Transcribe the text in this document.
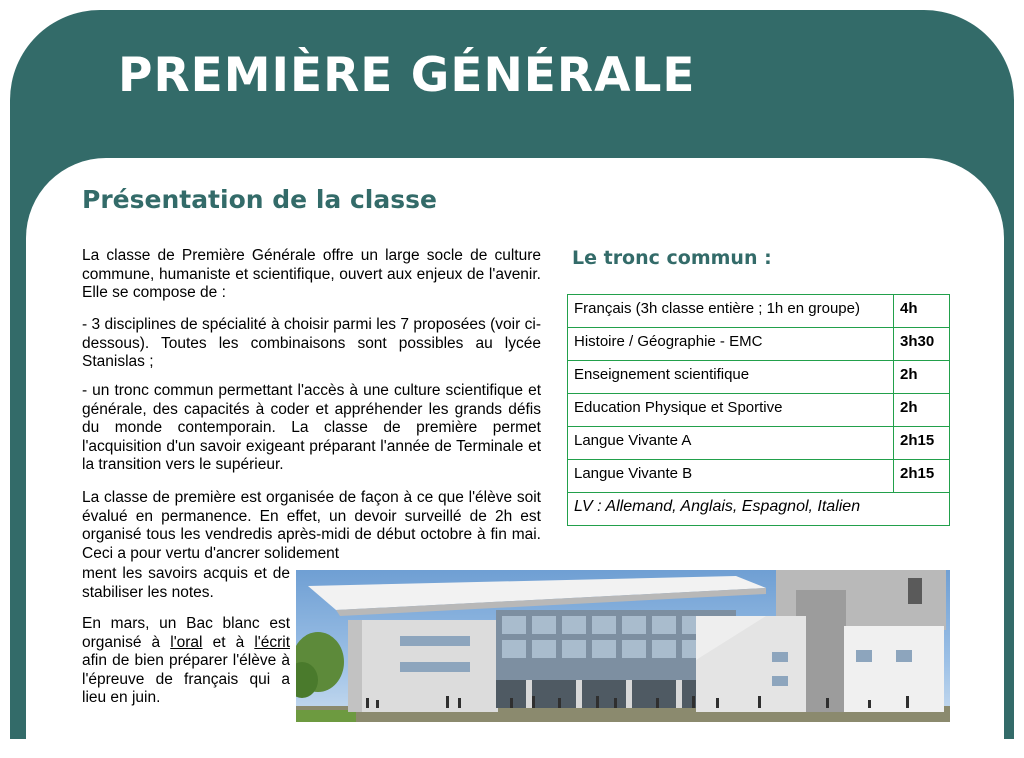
PREMIÈRE GÉNÉRALE
Présentation de la classe

La classe de Première Générale offre un large socle de culture commune, humaniste et scientifique, ouvert aux enjeux de l'avenir. Elle se compose de :

- 3 disciplines de spécialité à choisir parmi les 7 proposées (voir ci-dessous). Toutes les combinaisons sont possibles au lycée Stanislas ;

- un tronc commun permettant l'accès à une culture scientifique et générale, des capacités à coder et appréhender les grands défis du monde contemporain. La classe de première permet l'acquisition d'un savoir exigeant préparant l'année de Terminale et la transition vers le supérieur.

La classe de première est organisée de façon à ce que l'élève soit évalué en permanence. En effet, un devoir surveillé de 2h est organisé tous les vendredis après-midi de début octobre à fin mai. Ceci a pour vertu d'ancrer solidement

ment les savoirs acquis et de stabiliser les notes.

En mars, un Bac blanc est organisé à l'oral et à l'écrit afin de bien préparer l'élève à l'épreuve de français qui a lieu en juin.

Le tronc commun :
Français (3h classe entière ; 1h en groupe)	4h
Histoire / Géographie - EMC	3h30
Enseignement scientifique	2h
Education Physique et Sportive	2h
Langue Vivante A	2h15
Langue Vivante B	2h15
LV : Allemand, Anglais, Espagnol, Italien	
